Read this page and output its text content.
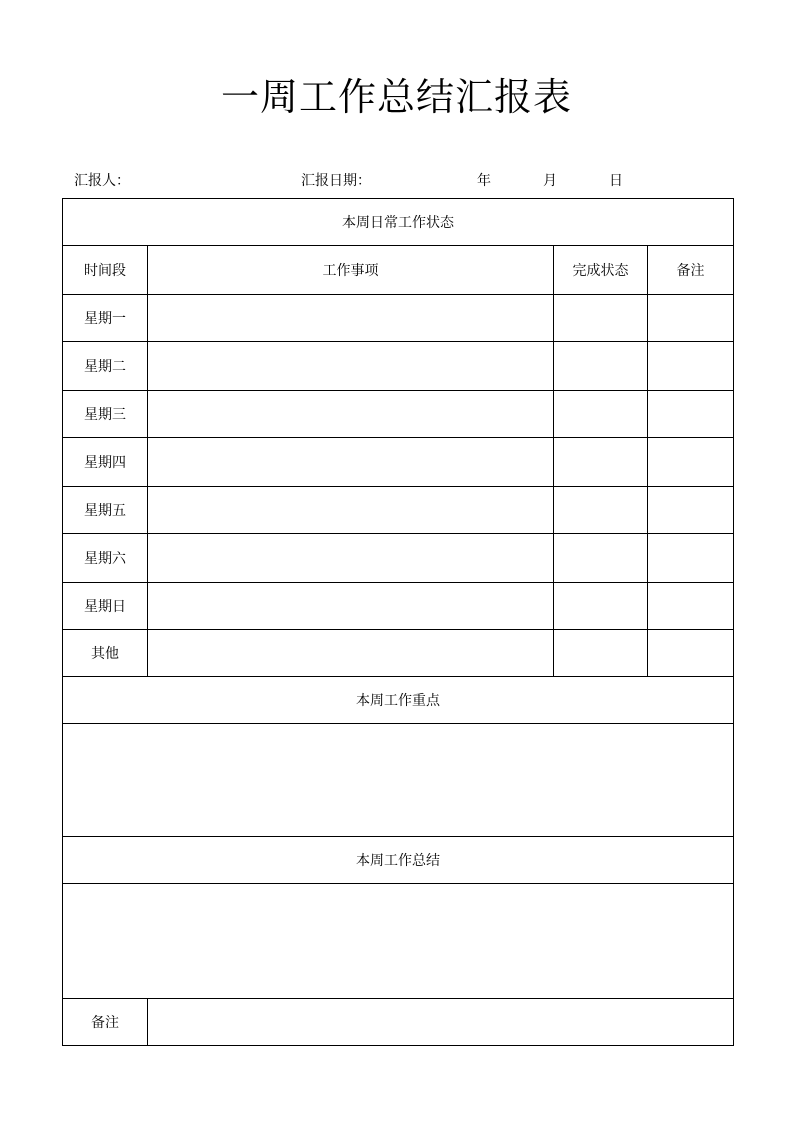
一周工作总结汇报表
汇报人：	汇报日期：	年	月	日
本周日常工作状态			
时间段	工作事项	完成状态	备注
星期一			
星期二			
星期三			
星期四			
星期五			
星期六			
星期日			
其他			
本周工作重点			

本周工作总结			

备注			
